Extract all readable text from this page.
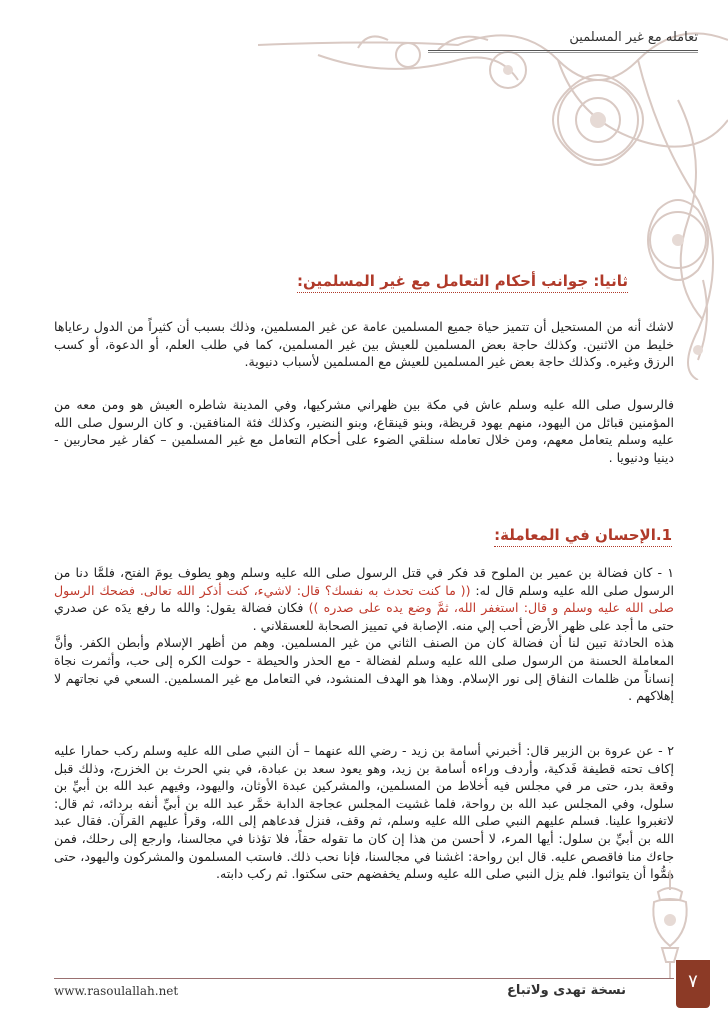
تعامله مع غير المسلمين
ثانيا: جوانب أحكام التعامل مع غير المسلمين:

لاشك أنه من المستحيل أن تتميز حياة جميع المسلمين عامة عن غير المسلمين، وذلك بسبب أن كثيراً من الدول رعاياها خليط من الاثنين. وكذلك حاجة بعض المسلمين للعيش بين غير المسلمين، كما في طلب العلم، أو الدعوة، أو كسب الرزق وغيره. وكذلك حاجة بعض غير المسلمين للعيش مع المسلمين لأسباب دنيوية.

فالرسول صلى الله عليه وسلم عاش في مكة بين ظهراني مشركيها، وفي المدينة شاطره العيش هو ومن معه من المؤمنين قبائل من اليهود، منهم يهود قريظة، وبنو قينقاع، وبنو النضير، وكذلك فئة المنافقين. و كان الرسول صلى الله عليه وسلم يتعامل معهم، ومن خلال تعامله سنلقي الضوء على أحكام التعامل مع غير المسلمين – كفار غير محاربين - دينيا ودنيويا .

1.الإحسان في المعاملة:

١ - كان فضالة بن عمير بن الملوح قد فكر في قتل الرسول صلى الله عليه وسلم وهو يطوف يومَ الفتح، فلمَّا دنا من الرسول صلى الله عليه وسلم قال له: (( ما كنت تحدث به نفسك؟ قال: لاشيء، كنت أذكر الله تعالى. فضحك الرسول صلى الله عليه وسلم و قال: استغفر الله، ثمَّ وضع يده على صدره )) فكان فضالة يقول: والله ما رفع يدَه عن صدري حتى ما أجد على ظهر الأرض أحب إلي منه. الإصابة في تمييز الصحابة للعسقلاني .

هذه الحادثة تبين لنا أن فضالة كان من الصنف الثاني من غير المسلمين. وهم من أظهر الإسلام وأبطن الكفر. وأنَّ المعاملة الحسنة من الرسول صلى الله عليه وسلم لفضالة - مع الحذر والحيطة - حولت الكره إلى حب، وأثمرت نجاة إنساناً من ظلمات النفاق إلى نور الإسلام. وهذا هو الهدف المنشود، في التعامل مع غير المسلمين. السعي في نجاتهم لا إهلاكهم .

٢ - عن عروة بن الزبير قال: أخبرني أسامة بن زيد - رضي الله عنهما – أن النبي صلى الله عليه وسلم ركب حمارا عليه إكاف تحته قطيفة فَدكية، وأردف وراءه أسامة بن زيد، وهو يعود سعد بن عبادة، في بني الحرث بن الخزرج، وذلك قبل وقعة بدر، حتى مر في مجلس فيه أخلاط من المسلمين، والمشركين عبدة الأوثان، واليهود، وفيهم عبد الله بن أبيِّ بن سلول، وفي المجلس عبد الله بن رواحة، فلما غشيت المجلس عجاجة الدابة خمَّر عبد الله بن أبيِّ أنفه بردائه، ثم قال: لاتغبروا علينا. فسلم عليهم النبي صلى الله عليه وسلم، ثم وقف، فنزل فدعاهم إلى الله، وقرأ عليهم القرآن. فقال عبد الله بن أبيِّ بن سلول: أيها المرء، لا أحسن من هذا إن كان ما تقوله حقاً، فلا تؤذنا في مجالسنا، وارجع إلى رحلك، فمن جاءك منا فاقصص عليه. قال ابن رواحة: اغشنا في مجالسنا، فإنا نحب ذلك. فاستب المسلمون والمشركون واليهود، حتى همُّوا أن يتواثبوا. فلم يزل النبي صلى الله عليه وسلم يخفضهم حتى سكتوا. ثم ركب دابته.

www.rasoulallah.net	نسخة تهدى ولاتباع	٧
